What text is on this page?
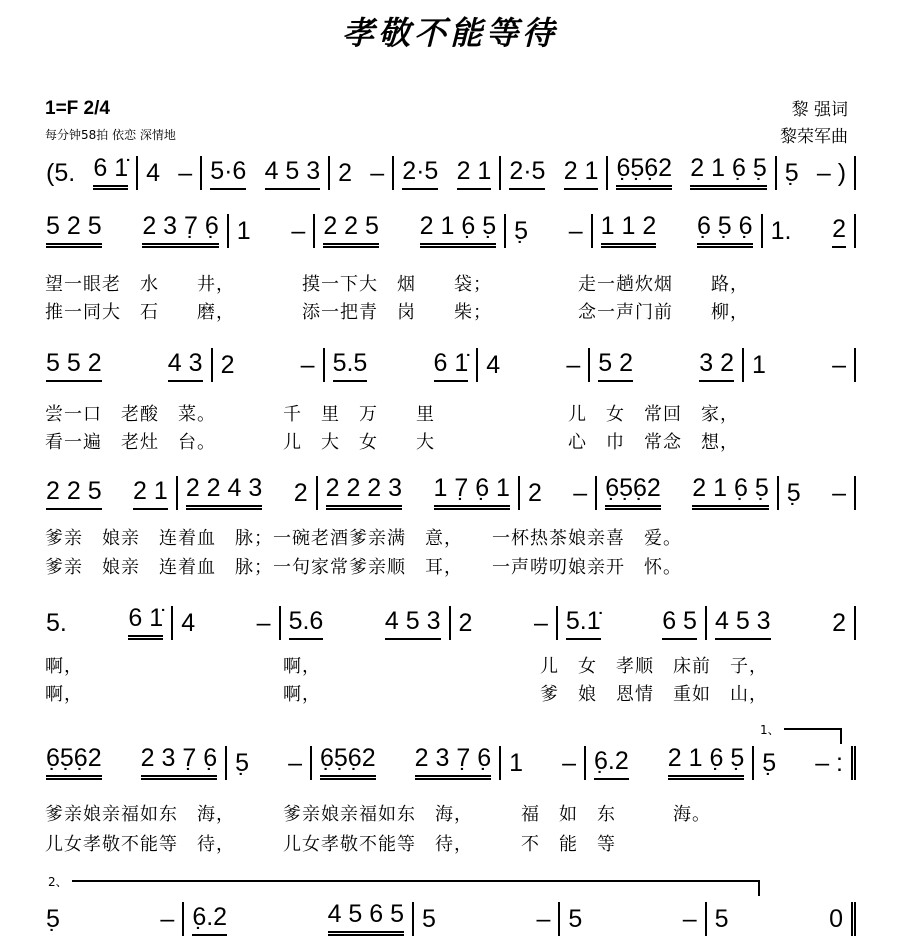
孝敬不能等待
1=F 2/4
每分钟58拍 依恋 深情地
黎 强词
黎荣军曲
(5. 6 1̇ 4 – 5·6 4 5 3 2 – 2·5 2 1 2·5 2 1 6̣5̣6̣2 2 1 6̣ 5̣ 5̣ – )
5 2 5 2 3 7̣ 6̣ 1 – 2 2 5 2 1 6̣ 5̣ 5̣ – 1 1 2 6̣ 5̣ 6̣ 1. 2
5 5 2	4 3 2	– 5.5	6 1̇ 4	– 5 2	3 2 1	–
2 2 5 2 1 2 2 4 3 2 2 2 2 3 1 7̣ 6̣ 1 2 – 6̣5̣6̣2 2 1 6̣ 5̣ 5̣ –
5. 6 1̇ 4 – 5.6 4 5 3 2 – 5.1̇ 6 5 4 5 3 2
6̣5̣6̣2 2 3 7̣ 6̣ 5̣ – 6̣5̣6̣2 2 3 7̣ 6̣ 1 – 6̣.2 2 1 6̣ 5̣ 5̣ – :
5̣	– 6̣.2	4 5 6 5 5	– 5	– 5	0
望一眼老　水　　井，　　　　摸一下大　烟　　袋；　　　　　走一趟炊烟　　路，
推一同大　石　　磨，　　　　添一把青　岗　　柴；　　　　　念一声门前　　柳，
尝一口　老酸　菜。　　　　千　里　万　　里　　　　　　　儿　女　常回　家，
看一遍　老灶　台。　　　　儿　大　女　　大　　　　　　　心　巾　常念　想，
爹亲　娘亲　连着血　脉；一碗老酒爹亲满　意，　　一杯热茶娘亲喜　爱。
爹亲　娘亲　连着血　脉；一句家常爹亲顺　耳，　　一声唠叨娘亲开　怀。
啊，　　　　　　　　　　　啊，　　　　　　　　　　　　儿　女　孝顺　床前　子，
啊，　　　　　　　　　　　啊，　　　　　　　　　　　　爹　娘　恩情　重如　山，
爹亲娘亲福如东　海，　　　爹亲娘亲福如东　海，　　　福　如　东　　　海。
儿女孝敬不能等　待，　　　儿女孝敬不能等　待，　　　不　能　等
1、
2、
